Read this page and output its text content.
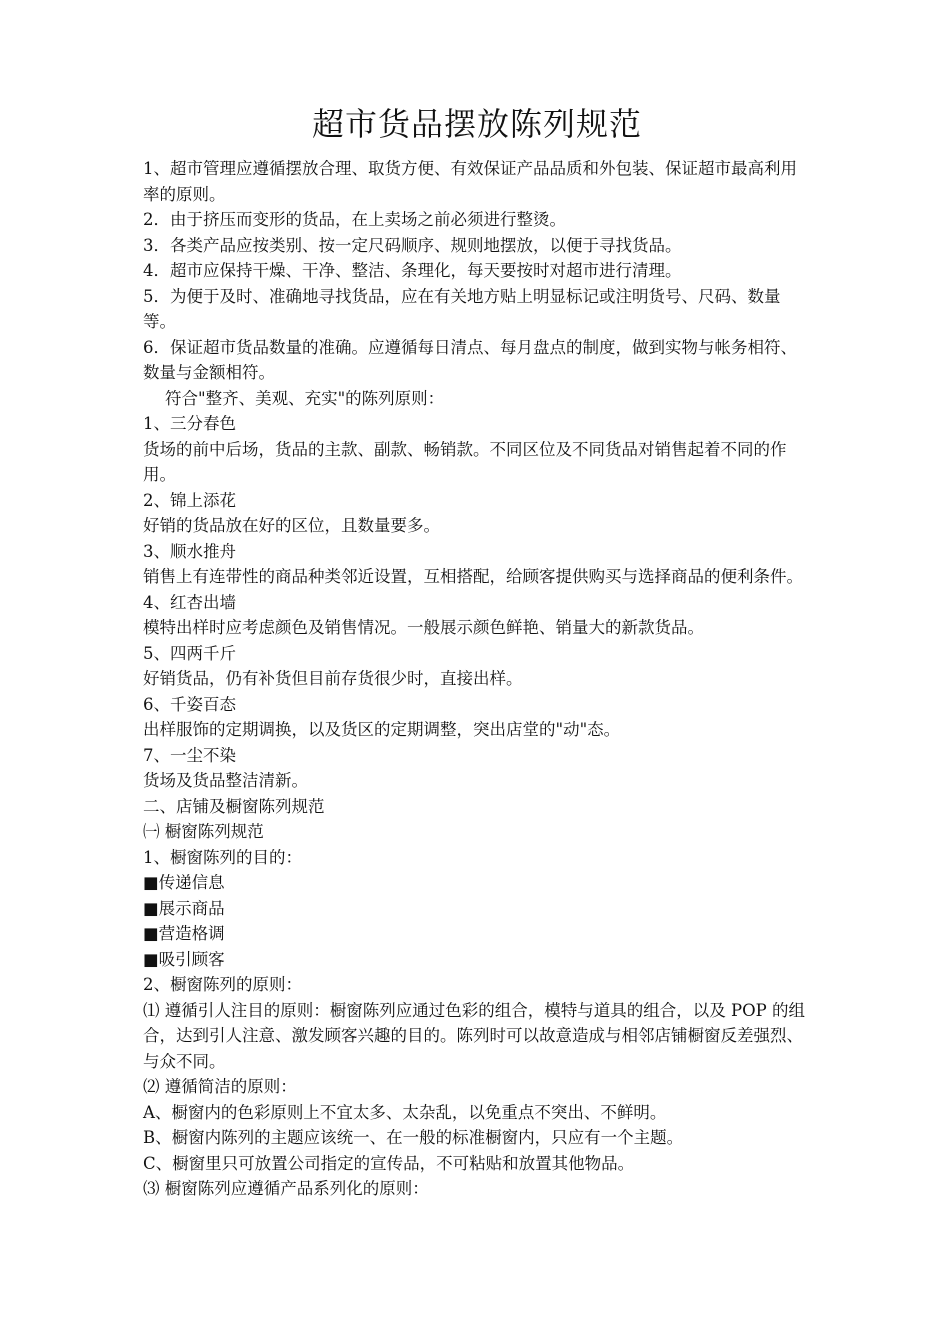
超市货品摆放陈列规范

1、超市管理应遵循摆放合理、取货方便、有效保证产品品质和外包装、保证超市最高利用率的原则。

2．由于挤压而变形的货品，在上卖场之前必须进行整烫。

3．各类产品应按类别、按一定尺码顺序、规则地摆放，以便于寻找货品。

4．超市应保持干燥、干净、整洁、条理化，每天要按时对超市进行清理。

5．为便于及时、准确地寻找货品，应在有关地方贴上明显标记或注明货号、尺码、数量等。

6．保证超市货品数量的准确。应遵循每日清点、每月盘点的制度，做到实物与帐务相符、数量与金额相符。

符合"整齐、美观、充实"的陈列原则：

1、三分春色

货场的前中后场，货品的主款、副款、畅销款。不同区位及不同货品对销售起着不同的作用。

2、锦上添花

好销的货品放在好的区位，且数量要多。

3、顺水推舟

销售上有连带性的商品种类邻近设置，互相搭配，给顾客提供购买与选择商品的便利条件。

4、红杏出墙

模特出样时应考虑颜色及销售情况。一般展示颜色鲜艳、销量大的新款货品。

5、四两千斤

好销货品，仍有补货但目前存货很少时，直接出样。

6、千姿百态

出样服饰的定期调换，以及货区的定期调整，突出店堂的"动"态。

7、一尘不染

货场及货品整洁清新。

二、店铺及橱窗陈列规范

㈠ 橱窗陈列规范

1、橱窗陈列的目的：

■传递信息

■展示商品

■营造格调

■吸引顾客

2、橱窗陈列的原则：

⑴ 遵循引人注目的原则：橱窗陈列应通过色彩的组合，模特与道具的组合，以及 POP 的组合，达到引人注意、激发顾客兴趣的目的。陈列时可以故意造成与相邻店铺橱窗反差强烈、与众不同。

⑵ 遵循简洁的原则：

A、橱窗内的色彩原则上不宜太多、太杂乱，以免重点不突出、不鲜明。

B、橱窗内陈列的主题应该统一、在一般的标准橱窗内，只应有一个主题。

C、橱窗里只可放置公司指定的宣传品，不可粘贴和放置其他物品。

⑶ 橱窗陈列应遵循产品系列化的原则：
